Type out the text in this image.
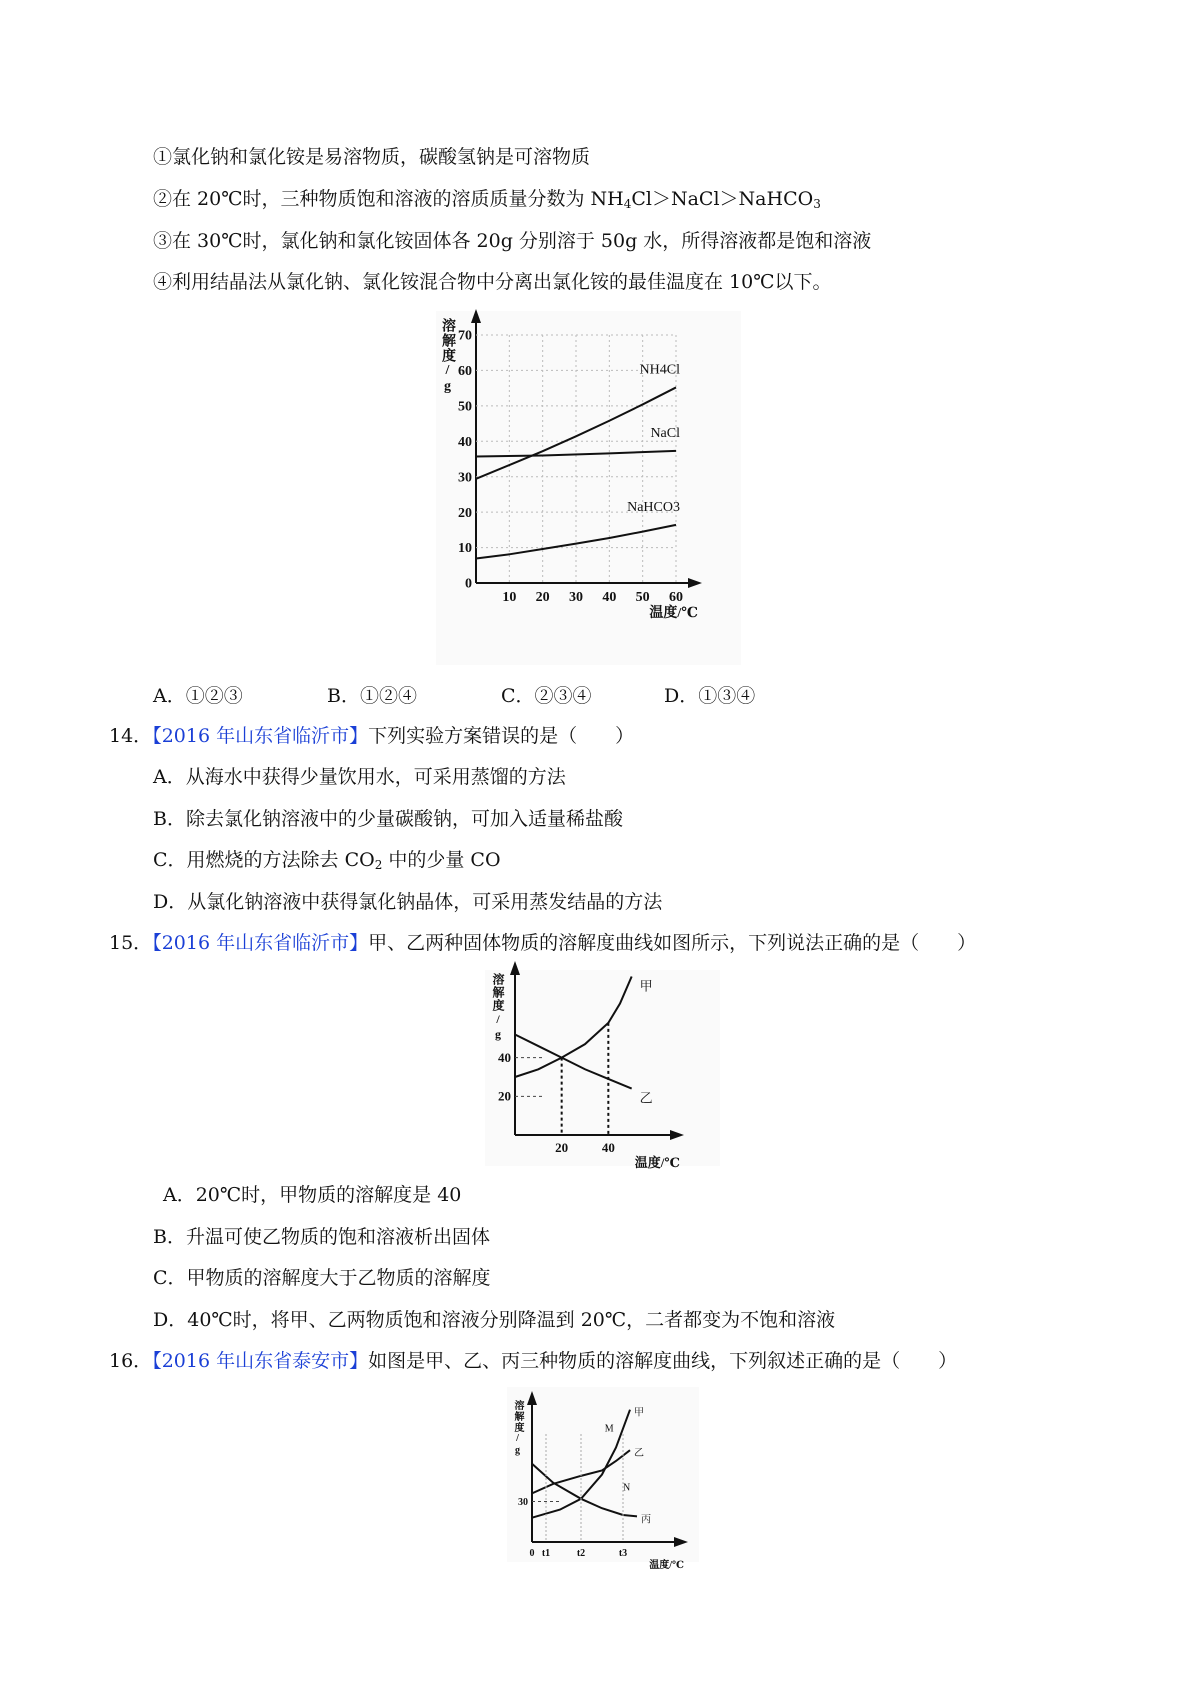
①氯化钠和氯化铵是易溶物质，碳酸氢钠是可溶物质
②在 20℃时，三种物质饱和溶液的溶质质量分数为 $NH_4Cl>NaCl>NaHCO_3$
③在 30℃时，氯化钠和氯化铵固体各 20g 分别溶于 50g 水，所得溶液都是饱和溶液
④利用结晶法从氯化钠、氯化铵混合物中分离出氯化铵的最佳温度在 10℃以下。
10 20 30 40 50 60
0
10
20
30
40
50
60
70
温度/℃
NH4Cl
NaCl
NaHCO3
溶解度/g
A．①②③	B．①②④	C．②③④	D．①③④
14．【2016 年山东省临沂市】下列实验方案错误的是（　　）
A．从海水中获得少量饮用水，可采用蒸馏的方法
B．除去氯化钠溶液中的少量碳酸钠，可加入适量稀盐酸
C．用燃烧的方法除去 $CO_2$ 中的少量 CO
D．从氯化钠溶液中获得氯化钠晶体，可采用蒸发结晶的方法
15．【2016 年山东省临沂市】甲、乙两种固体物质的溶解度曲线如图所示，下列说法正确的是（　　）
20	40
20
40
温度/℃
甲
乙
溶解度/g
A．20℃时，甲物质的溶解度是 40
B．升温可使乙物质的饱和溶液析出固体
C．甲物质的溶解度大于乙物质的溶解度
D．40℃时，将甲、乙两物质饱和溶液分别降温到 20℃，二者都变为不饱和溶液
16．【2016 年山东省泰安市】如图是甲、乙、丙三种物质的溶解度曲线，下列叙述正确的是（　　）
0 t1	t2	t3
30
温度/℃
甲
乙
丙
M
N
溶解度/g
